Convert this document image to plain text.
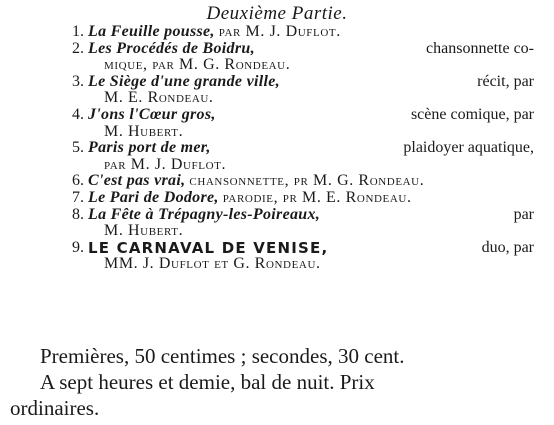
Deuxième Partie.
1. La Feuille pousse, par M. J. Duflot.
2. Les Procédés de Boidru,	chansonnette co-
mique, par M. G. Rondeau.
3. Le Siège d'une grande ville,	récit, par
M. E. Rondeau.
4. J'ons l'Cœur gros,	scène comique, par
M. Hubert.
5. Paris port de mer,	plaidoyer aquatique,
par M. J. Duflot.
6. C'est pas vrai, chansonnette, pr M. G. Rondeau.
7. Le Pari de Dodore, parodie, pr M. E. Rondeau.
8. La Fête à Trépagny-les-Poireaux,	par
M. Hubert.
9. LE CARNAVAL DE VENISE,	duo, par
MM. J. Duflot et G. Rondeau.
Premières, 50 centimes ; secondes, 30 cent.
A sept heures et demie, bal de nuit. Prix
ordinaires.
